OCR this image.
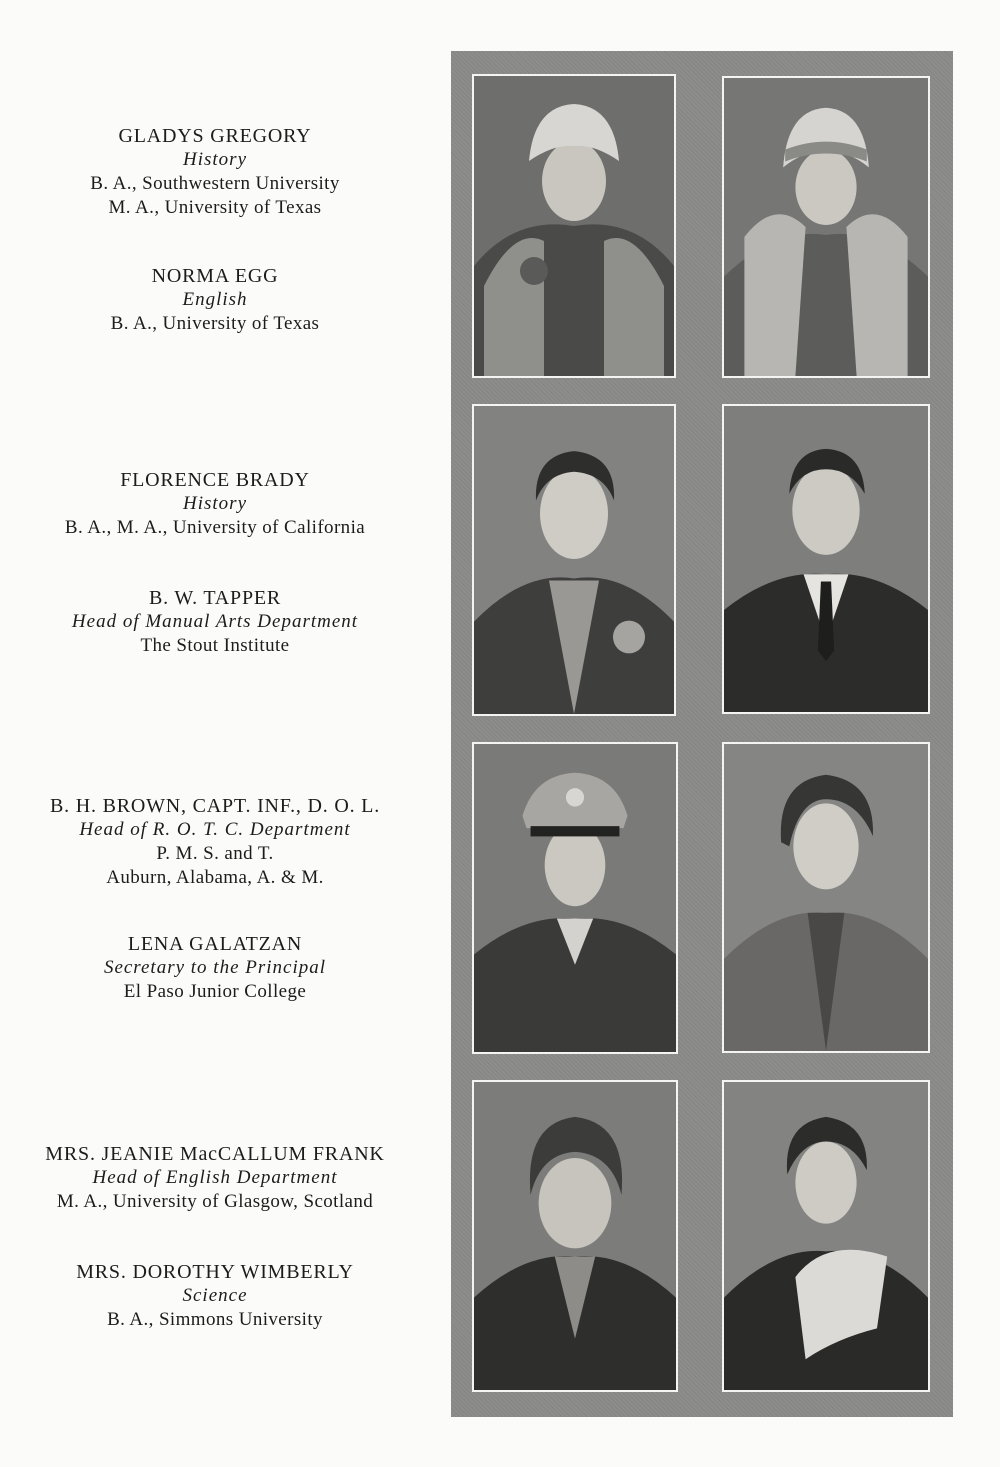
GLADYS GREGORY
History
B. A., Southwestern University
M. A., University of Texas
NORMA EGG
English
B. A., University of Texas
FLORENCE BRADY
History
B. A., M. A., University of California
B. W. TAPPER
Head of Manual Arts Department
The Stout Institute
B. H. BROWN, CAPT. INF., D. O. L.
Head of R. O. T. C. Department
P. M. S. and T.
Auburn, Alabama, A. & M.
LENA GALATZAN
Secretary to the Principal
El Paso Junior College
MRS. JEANIE MacCALLUM FRANK
Head of English Department
M. A., University of Glasgow, Scotland
MRS. DOROTHY WIMBERLY
Science
B. A., Simmons University
